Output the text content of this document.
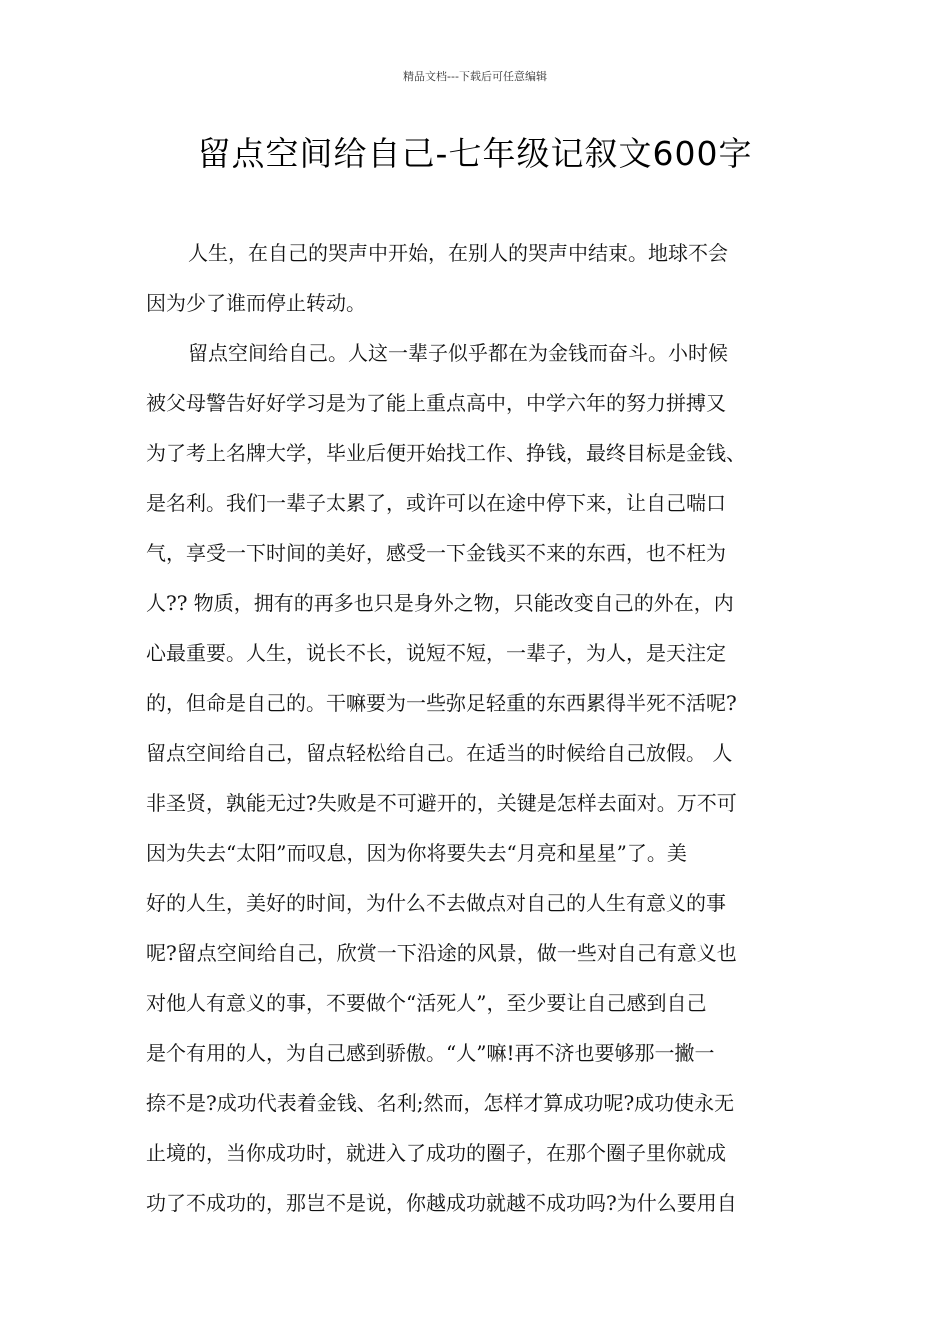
精品文档---下载后可任意编辑
留点空间给自己-七年级记叙文600字
人生，在自己的哭声中开始，在别人的哭声中结束。地球不会
因为少了谁而停止转动。
留点空间给自己。人这一辈子似乎都在为金钱而奋斗。小时候
被父母警告好好学习是为了能上重点高中，中学六年的努力拼搏又
为了考上名牌大学，毕业后便开始找工作、挣钱，最终目标是金钱、
是名利。我们一辈子太累了，或许可以在途中停下来，让自己喘口
气，享受一下时间的美好，感受一下金钱买不来的东西，也不枉为
人?? 物质，拥有的再多也只是身外之物，只能改变自己的外在，内
心最重要。人生，说长不长，说短不短，一辈子，为人，是天注定
的，但命是自己的。干嘛要为一些弥足轻重的东西累得半死不活呢?
留点空间给自己，留点轻松给自己。在适当的时候给自己放假。 人
非圣贤，孰能无过?失败是不可避开的，关键是怎样去面对。万不可
因为失去“太阳”而叹息，因为你将要失去“月亮和星星”了。美
好的人生，美好的时间，为什么不去做点对自己的人生有意义的事
呢?留点空间给自己，欣赏一下沿途的风景，做一些对自己有意义也
对他人有意义的事，不要做个“活死人”，至少要让自己感到自己
是个有用的人，为自己感到骄傲。“人”嘛!再不济也要够那一撇一
捺不是?成功代表着金钱、名利;然而，怎样才算成功呢?成功使永无
止境的，当你成功时，就进入了成功的圈子，在那个圈子里你就成
功了不成功的，那岂不是说，你越成功就越不成功吗?为什么要用自
